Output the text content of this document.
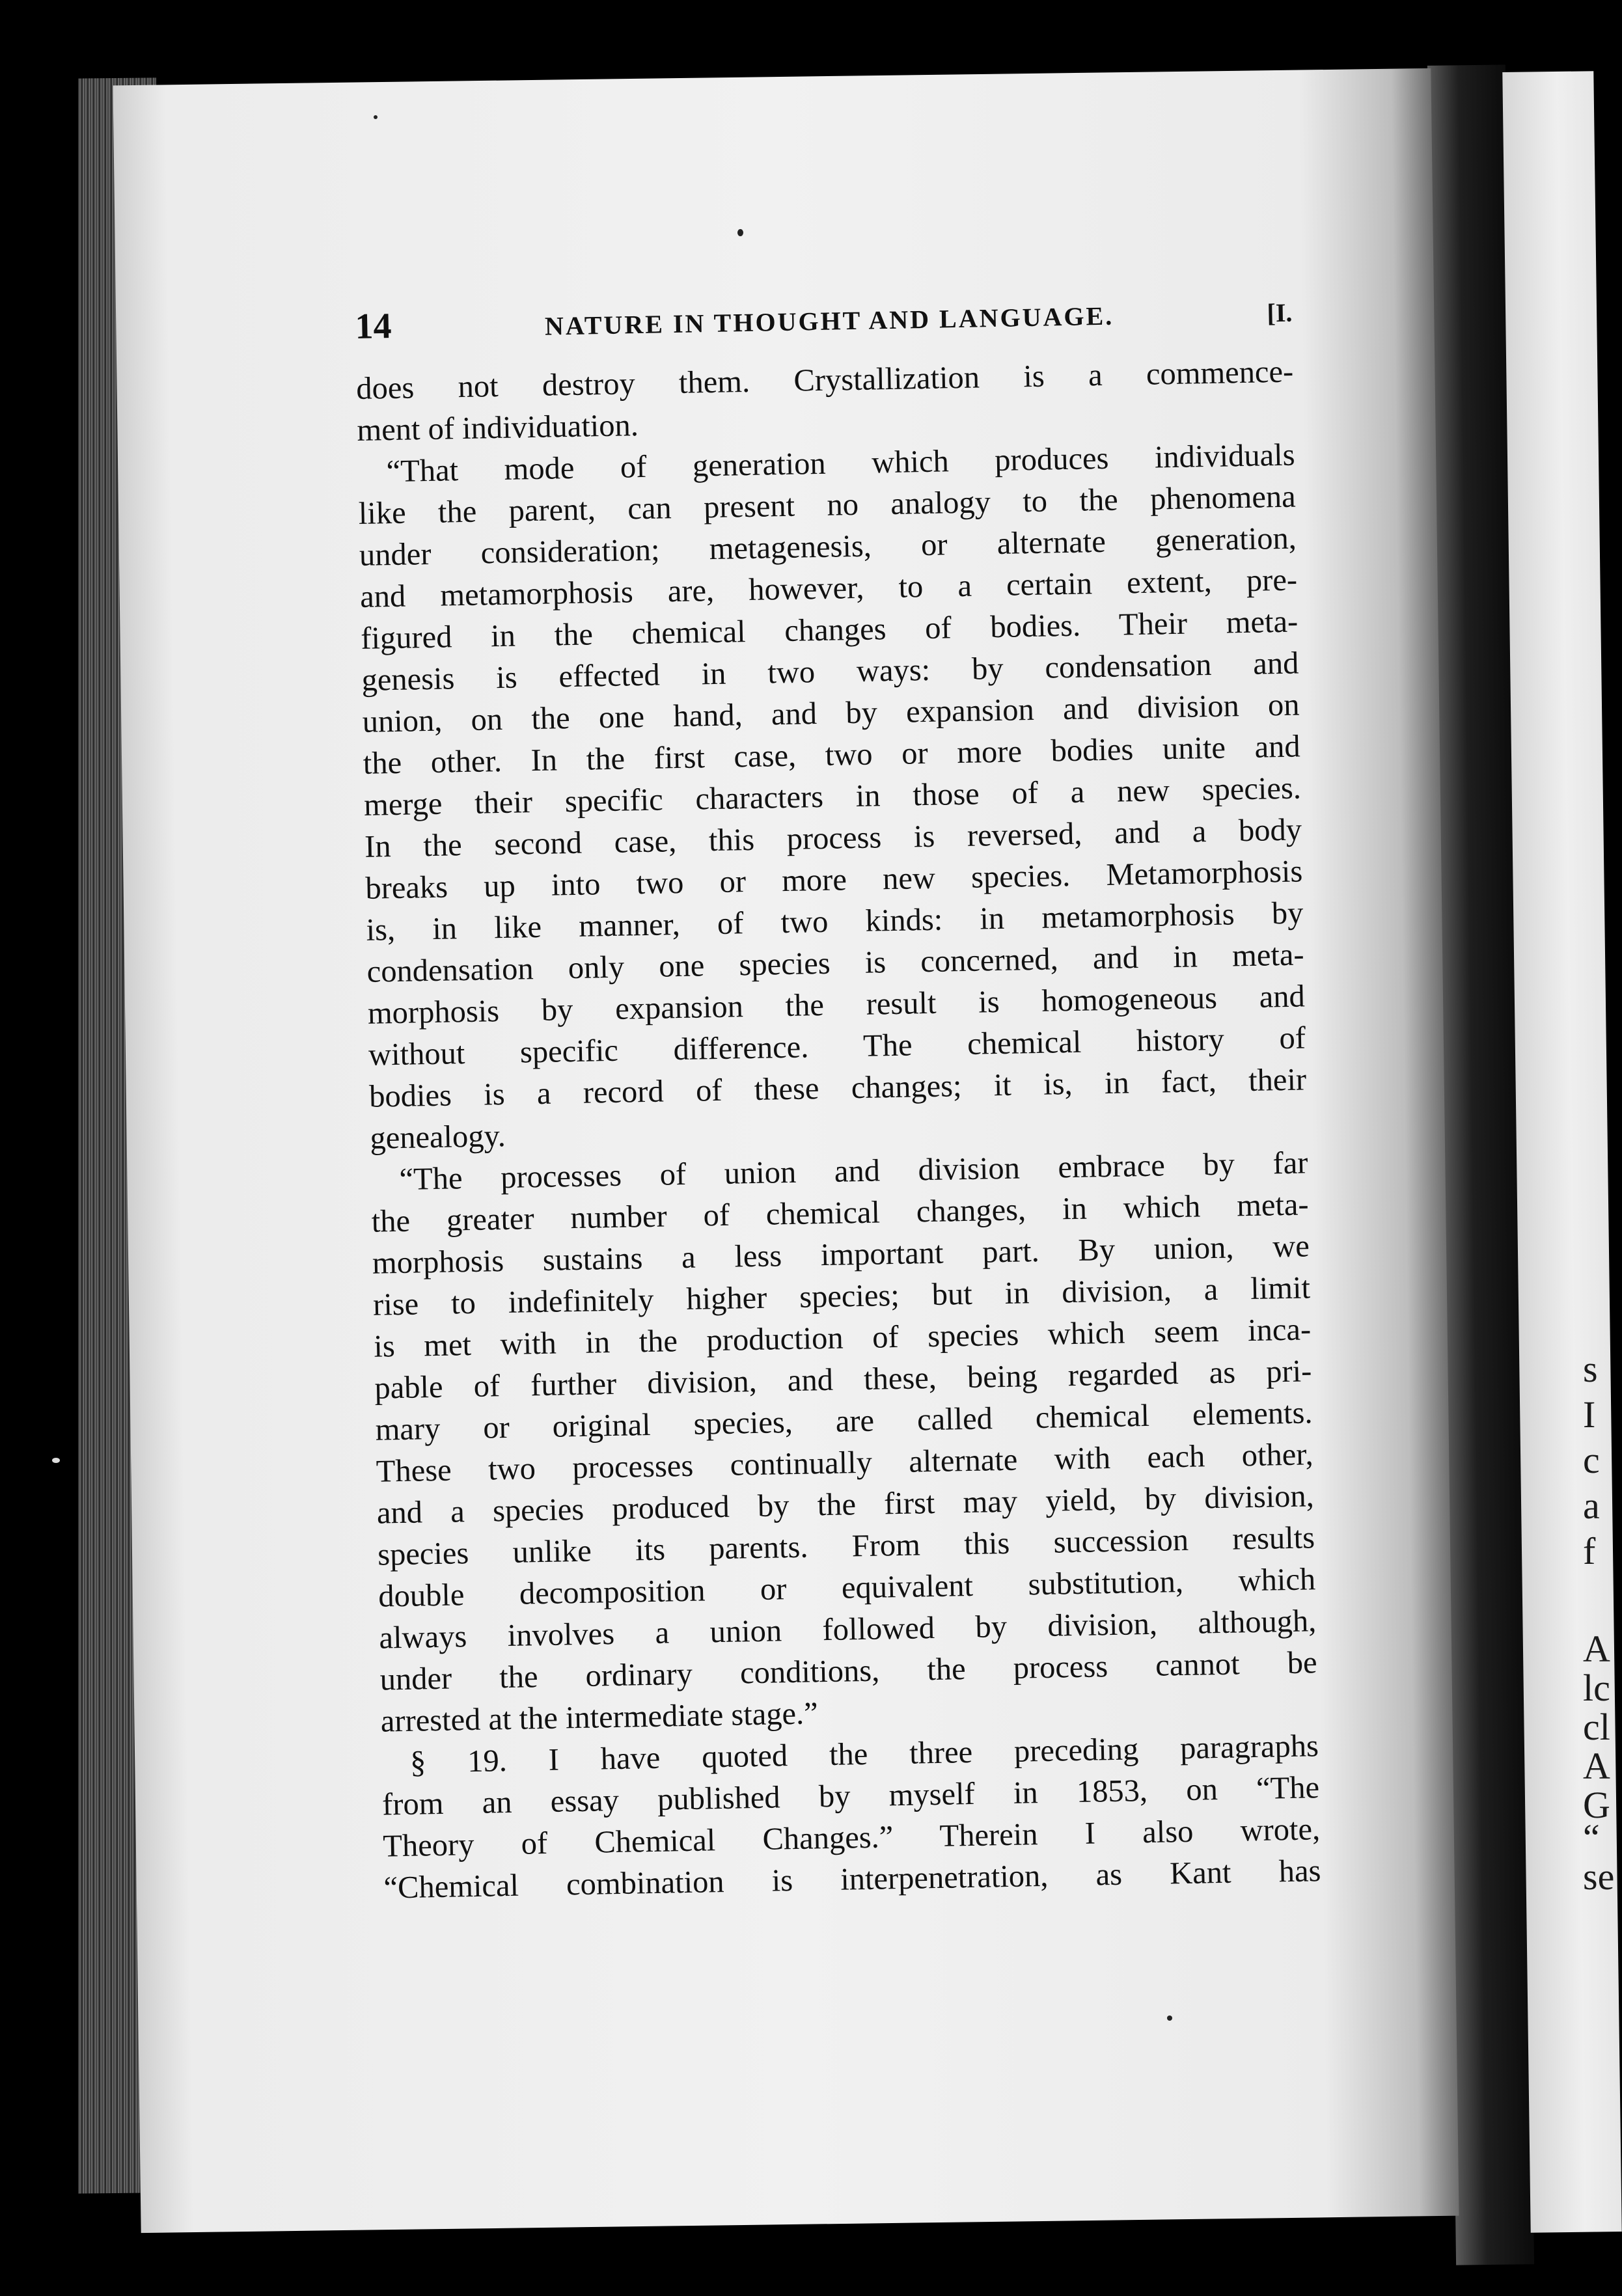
14	NATURE IN THOUGHT AND LANGUAGE.	[I.
does not destroy them. Crystallization is a commence-
ment of individuation.
“That mode of generation which produces individuals
like the parent, can present no analogy to the phenomena
under consideration; metagenesis, or alternate generation,
and metamorphosis are, however, to a certain extent, pre-
figured in the chemical changes of bodies. Their meta-
genesis is effected in two ways: by condensation and
union, on the one hand, and by expansion and division on
the other. In the first case, two or more bodies unite and
merge their specific characters in those of a new species.
In the second case, this process is reversed, and a body
breaks up into two or more new species. Metamorphosis
is, in like manner, of two kinds: in metamorphosis by
condensation only one species is concerned, and in meta-
morphosis by expansion the result is homogeneous and
without specific difference. The chemical history of
bodies is a record of these changes; it is, in fact, their
genealogy.
“The processes of union and division embrace by far
the greater number of chemical changes, in which meta-
morphosis sustains a less important part. By union, we
rise to indefinitely higher species; but in division, a limit
is met with in the production of species which seem inca-
pable of further division, and these, being regarded as pri-
mary or original species, are called chemical elements.
These two processes continually alternate with each other,
and a species produced by the first may yield, by division,
species unlike its parents. From this succession results
double decomposition or equivalent substitution, which
always involves a union followed by division, although,
under the ordinary conditions, the process cannot be
arrested at the intermediate stage.”
§ 19. I have quoted the three preceding paragraphs
from an essay published by myself in 1853, on “The
Theory of Chemical Changes.” Therein I also wrote,
“Chemical combination is interpenetration, as Kant has
s
I
c
a
f
A
lc
cl
A
G
“
se
